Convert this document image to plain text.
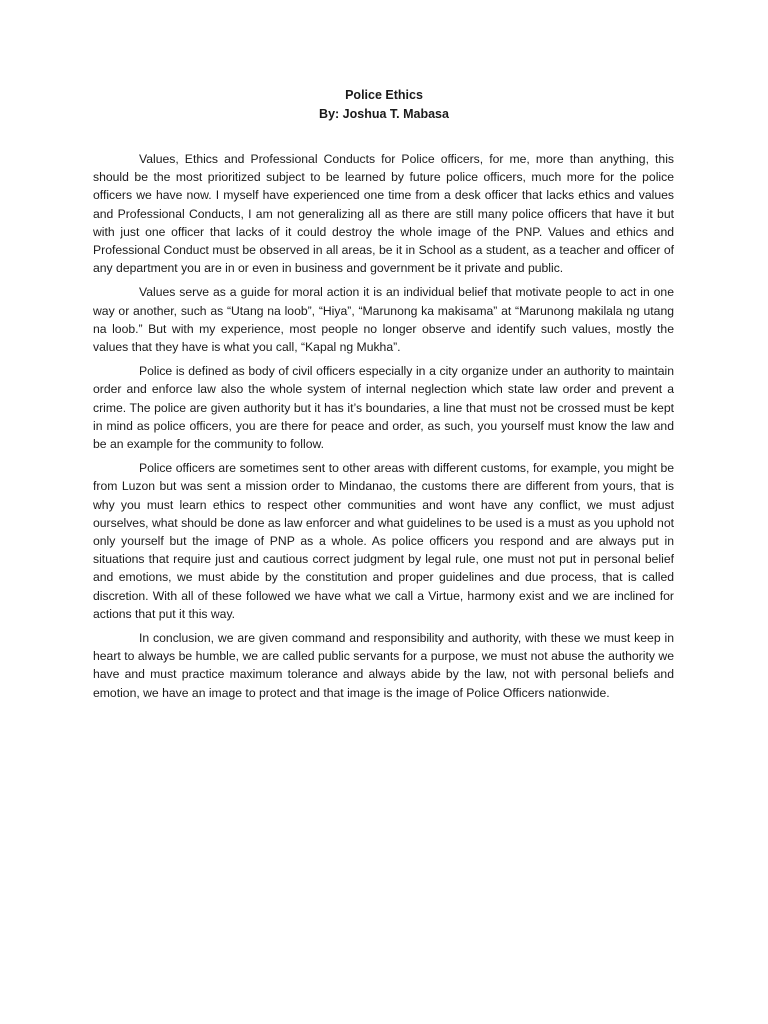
Police Ethics
By: Joshua T. Mabasa

Values, Ethics and Professional Conducts for Police officers, for me, more than anything, this should be the most prioritized subject to be learned by future police officers, much more for the police officers we have now. I myself have experienced one time from a desk officer that lacks ethics and values and Professional Conducts, I am not generalizing all as there are still many police officers that have it but with just one officer that lacks of it could destroy the whole image of the PNP. Values and ethics and Professional Conduct must be observed in all areas, be it in School as a student, as a teacher and officer of any department you are in or even in business and government be it private and public.

Values serve as a guide for moral action it is an individual belief that motivate people to act in one way or another, such as “Utang na loob”, “Hiya”, “Marunong ka makisama” at “Marunong makilala ng utang na loob.” But with my experience, most people no longer observe and identify such values, mostly the values that they have is what you call, “Kapal ng Mukha”.

Police is defined as body of civil officers especially in a city organize under an authority to maintain order and enforce law also the whole system of internal neglection which state law order and prevent a crime. The police are given authority but it has it’s boundaries, a line that must not be crossed must be kept in mind as police officers, you are there for peace and order, as such, you yourself must know the law and be an example for the community to follow.

Police officers are sometimes sent to other areas with different customs, for example, you might be from Luzon but was sent a mission order to Mindanao, the customs there are different from yours, that is why you must learn ethics to respect other communities and wont have any conflict, we must adjust ourselves, what should be done as law enforcer and what guidelines to be used is a must as you uphold not only yourself but the image of PNP as a whole. As police officers you respond and are always put in situations that require just and cautious correct judgment by legal rule, one must not put in personal belief and emotions, we must abide by the constitution and proper guidelines and due process, that is called discretion. With all of these followed we have what we call a Virtue, harmony exist and we are inclined for actions that put it this way.

In conclusion, we are given command and responsibility and authority, with these we must keep in heart to always be humble, we are called public servants for a purpose, we must not abuse the authority we have and must practice maximum tolerance and always abide by the law, not with personal beliefs and emotion, we have an image to protect and that image is the image of Police Officers nationwide.
